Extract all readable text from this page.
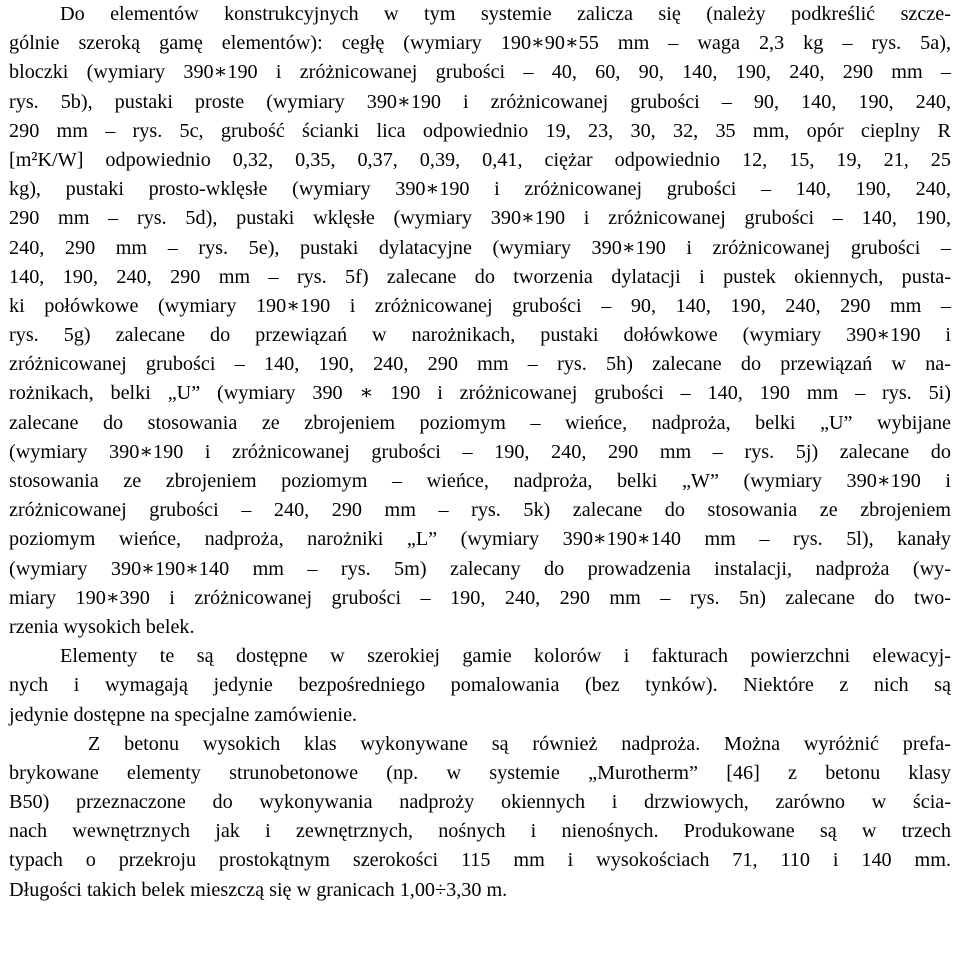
Do elementów konstrukcyjnych w tym systemie zalicza się (należy podkreślić szcze-
gólnie szeroką gamę elementów): cegłę (wymiary 190∗90∗55 mm – waga 2,3 kg – rys. 5a),
bloczki (wymiary 390∗190 i zróżnicowanej grubości – 40, 60, 90, 140, 190, 240, 290 mm –
rys. 5b), pustaki proste (wymiary 390∗190 i zróżnicowanej grubości – 90, 140, 190, 240,
290 mm – rys. 5c, grubość ścianki lica odpowiednio 19, 23, 30, 32, 35 mm, opór cieplny R
[m²K/W] odpowiednio 0,32, 0,35, 0,37, 0,39, 0,41, ciężar odpowiednio 12, 15, 19, 21, 25
kg), pustaki prosto-wklęsłe (wymiary 390∗190 i zróżnicowanej grubości – 140, 190, 240,
290 mm – rys. 5d), pustaki wklęsłe (wymiary 390∗190 i zróżnicowanej grubości – 140, 190,
240, 290 mm – rys. 5e), pustaki dylatacyjne (wymiary 390∗190 i zróżnicowanej grubości –
140, 190, 240, 290 mm – rys. 5f) zalecane do tworzenia dylatacji i pustek okiennych, pusta-
ki połówkowe (wymiary 190∗190 i zróżnicowanej grubości – 90, 140, 190, 240, 290 mm –
rys. 5g) zalecane do przewiązań w narożnikach, pustaki dołówkowe (wymiary 390∗190 i
zróżnicowanej grubości – 140, 190, 240, 290 mm – rys. 5h) zalecane do przewiązań w na-
rożnikach, belki „U” (wymiary 390 ∗ 190 i zróżnicowanej grubości – 140, 190 mm – rys. 5i)
zalecane do stosowania ze zbrojeniem poziomym – wieńce, nadproża, belki „U” wybijane
(wymiary 390∗190 i zróżnicowanej grubości – 190, 240, 290 mm – rys. 5j) zalecane do
stosowania ze zbrojeniem poziomym – wieńce, nadproża, belki „W” (wymiary 390∗190 i
zróżnicowanej grubości – 240, 290 mm – rys. 5k) zalecane do stosowania ze zbrojeniem
poziomym wieńce, nadproża, narożniki „L” (wymiary 390∗190∗140 mm – rys. 5l), kanały
(wymiary 390∗190∗140 mm – rys. 5m) zalecany do prowadzenia instalacji, nadproża (wy-
miary 190∗390 i zróżnicowanej grubości – 190, 240, 290 mm – rys. 5n) zalecane do two-
rzenia wysokich belek.
Elementy te są dostępne w szerokiej gamie kolorów i fakturach powierzchni elewacyj-
nych i wymagają jedynie bezpośredniego pomalowania (bez tynków). Niektóre z nich są
jedynie dostępne na specjalne zamówienie.
Z betonu wysokich klas wykonywane są również nadproża. Można wyróżnić prefa-
brykowane elementy strunobetonowe (np. w systemie „Murotherm” [46] z betonu klasy
B50) przeznaczone do wykonywania nadproży okiennych i drzwiowych, zarówno w ścia-
nach wewnętrznych jak i zewnętrznych, nośnych i nienośnych. Produkowane są w trzech
typach o przekroju prostokątnym szerokości 115 mm i wysokościach 71, 110 i 140 mm.
Długości takich belek mieszczą się w granicach 1,00÷3,30 m.
